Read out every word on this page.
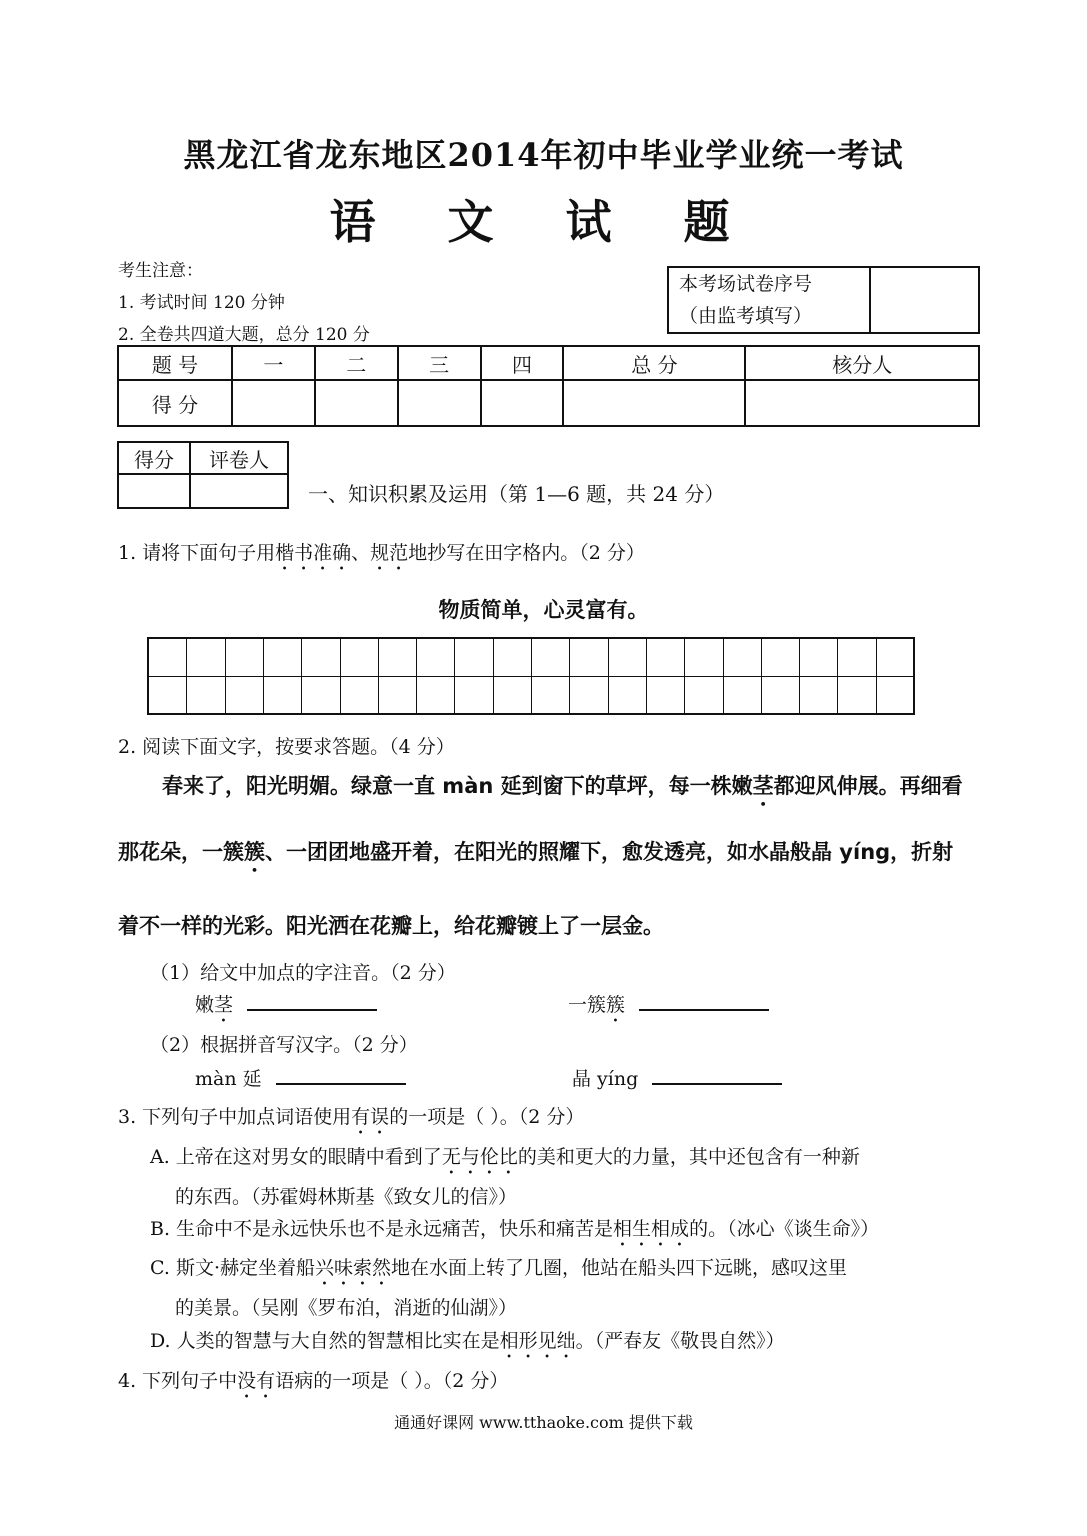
黑龙江省龙东地区2014年初中毕业学业统一考试
语 文 试 题
考生注意：
1. 考试时间 120 分钟
2. 全卷共四道大题，总分 120 分
本考场试卷序号
（由监考填写）

题 号	一	二	三	四	总 分	核分人
得 分						
得分	评卷人

一、知识积累及运用（第 1—6 题，共 24 分）
1. 请将下面句子用楷书准确、规范地抄写在田字格内。（2 分）
物质简单，心灵富有。
2. 阅读下面文字，按要求答题。（4 分）
春来了，阳光明媚。绿意一直 màn 延到窗下的草坪，每一株嫩茎都迎风伸展。再细看
那花朵，一簇簇、一团团地盛开着，在阳光的照耀下，愈发透亮，如水晶般晶 yíng，折射
着不一样的光彩。阳光洒在花瓣上，给花瓣镀上了一层金。
（1）给文中加点的字注音。（2 分）
嫩茎	一簇簇
（2）根据拼音写汉字。（2 分）
màn 延	晶 yíng
3. 下列句子中加点词语使用有误的一项是（ ）。（2 分）
A. 上帝在这对男女的眼睛中看到了无与伦比的美和更大的力量，其中还包含有一种新
的东西。（苏霍姆林斯基《致女儿的信》）
B. 生命中不是永远快乐也不是永远痛苦，快乐和痛苦是相生相成的。（冰心《谈生命》）
C. 斯文·赫定坐着船兴味索然地在水面上转了几圈，他站在船头四下远眺，感叹这里
的美景。（吴刚《罗布泊，消逝的仙湖》）
D. 人类的智慧与大自然的智慧相比实在是相形见绌。（严春友《敬畏自然》）
4. 下列句子中没有语病的一项是（ ）。（2 分）
通通好课网 www.tthaoke.com 提供下载
